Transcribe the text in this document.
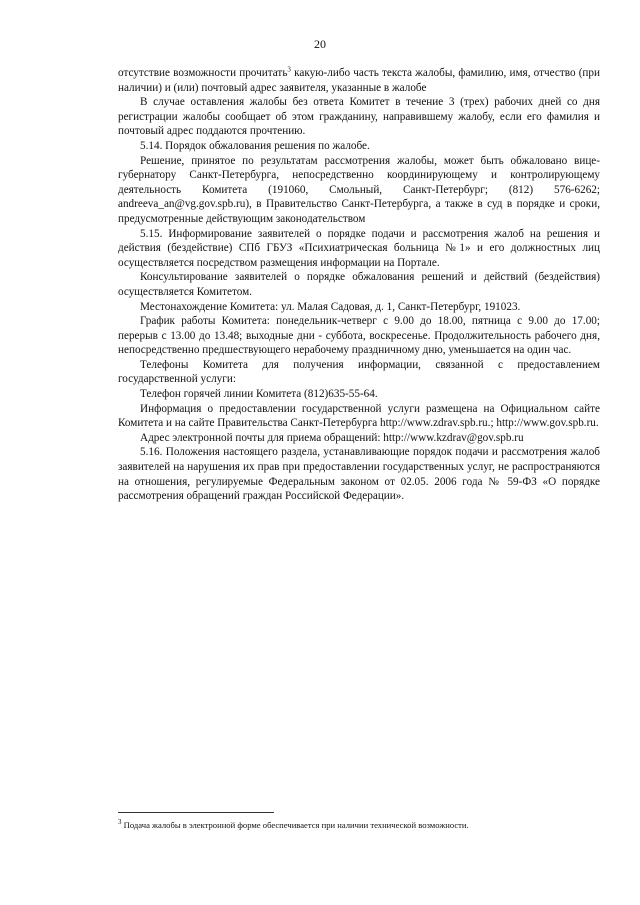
20

отсутствие возможности прочитать$^3$ какую-либо часть текста жалобы, фамилию, имя, отчество (при наличии) и (или) почтовый адрес заявителя, указанные в жалобе

В случае оставления жалобы без ответа Комитет в течение 3 (трех) рабочих дней со дня регистрации жалобы сообщает об этом гражданину, направившему жалобу, если его фамилия и почтовый адрес поддаются прочтению.

5.14. Порядок обжалования решения по жалобе.

Решение, принятое по результатам рассмотрения жалобы, может быть обжаловано вице-губернатору Санкт-Петербурга, непосредственно координирующему и контролирующему деятельность Комитета (191060, Смольный, Санкт-Петербург; (812) 576-6262; andreeva_an@vg.gov.spb.ru), в Правительство Санкт-Петербурга, а также в суд в порядке и сроки, предусмотренные действующим законодательством

5.15. Информирование заявителей о порядке подачи и рассмотрения жалоб на решения и действия (бездействие) СПб ГБУЗ «Психиатрическая больница №1» и его должностных лиц осуществляется посредством размещения информации на Портале.

Консультирование заявителей о порядке обжалования решений и действий (бездействия) осуществляется Комитетом.

Местонахождение Комитета: ул. Малая Садовая, д. 1, Санкт-Петербург, 191023.

График работы Комитета: понедельник-четверг с 9.00 до 18.00, пятница с 9.00 до 17.00; перерыв с 13.00 до 13.48; выходные дни - суббота, воскресенье. Продолжительность рабочего дня, непосредственно предшествующего нерабочему праздничному дню, уменьшается на один час.

Телефоны Комитета для получения информации, связанной с предоставлением государственной услуги:

Телефон горячей линии Комитета (812)635-55-64.

Информация о предоставлении государственной услуги размещена на Официальном сайте Комитета и на сайте Правительства Санкт-Петербурга http://www.zdrav.spb.ru.; http://www.gov.spb.ru.

Адрес электронной почты для приема обращений: http://www.kzdrav@gov.spb.ru

5.16. Положения настоящего раздела, устанавливающие порядок подачи и рассмотрения жалоб заявителей на нарушения их прав при предоставлении государственных услуг, не распространяются на отношения, регулируемые Федеральным законом от 02.05. 2006 года № 59-ФЗ «О порядке рассмотрения обращений граждан Российской Федерации».

$^3$ Подача жалобы в электронной форме обеспечивается при наличии технической возможности.
